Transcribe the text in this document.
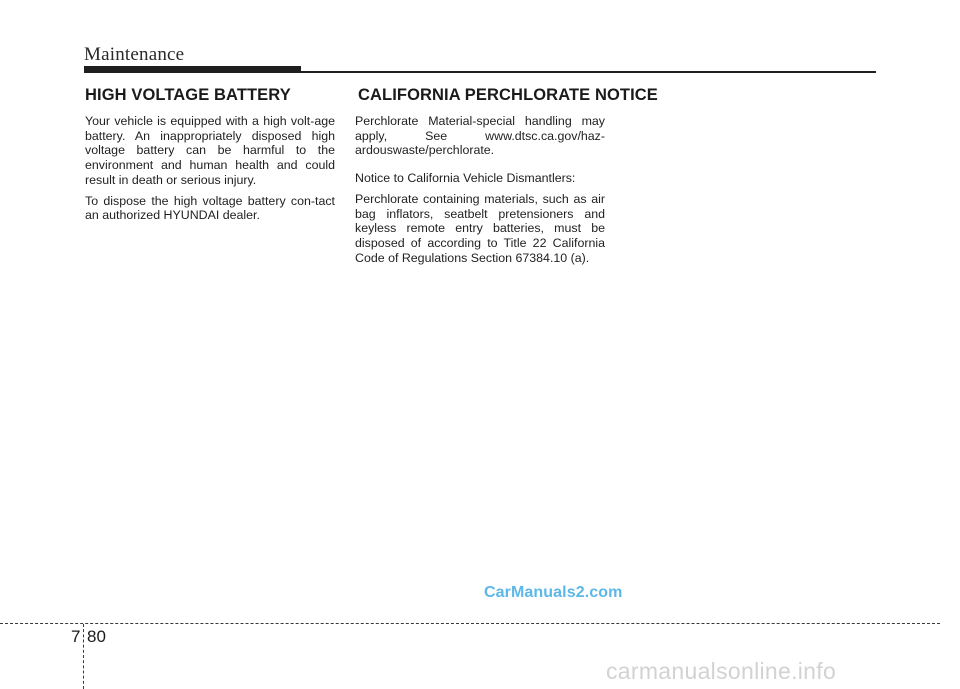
Maintenance
HIGH VOLTAGE BATTERY

Your vehicle is equipped with a high volt-age battery. An inappropriately disposed high voltage battery can be harmful to the environment and human health and could result in death or serious injury.

To dispose the high voltage battery con-tact an authorized HYUNDAI dealer.

CALIFORNIA PERCHLORATE NOTICE

Perchlorate Material-special handling may apply, See www.dtsc.ca.gov/haz-ardouswaste/perchlorate.

Notice to California Vehicle Dismantlers:

Perchlorate containing materials, such as air bag inflators, seatbelt pretensioners and keyless remote entry batteries, must be disposed of according to Title 22 California Code of Regulations Section 67384.10 (a).

CarManuals2.com
7 80
carmanualsonline.info
